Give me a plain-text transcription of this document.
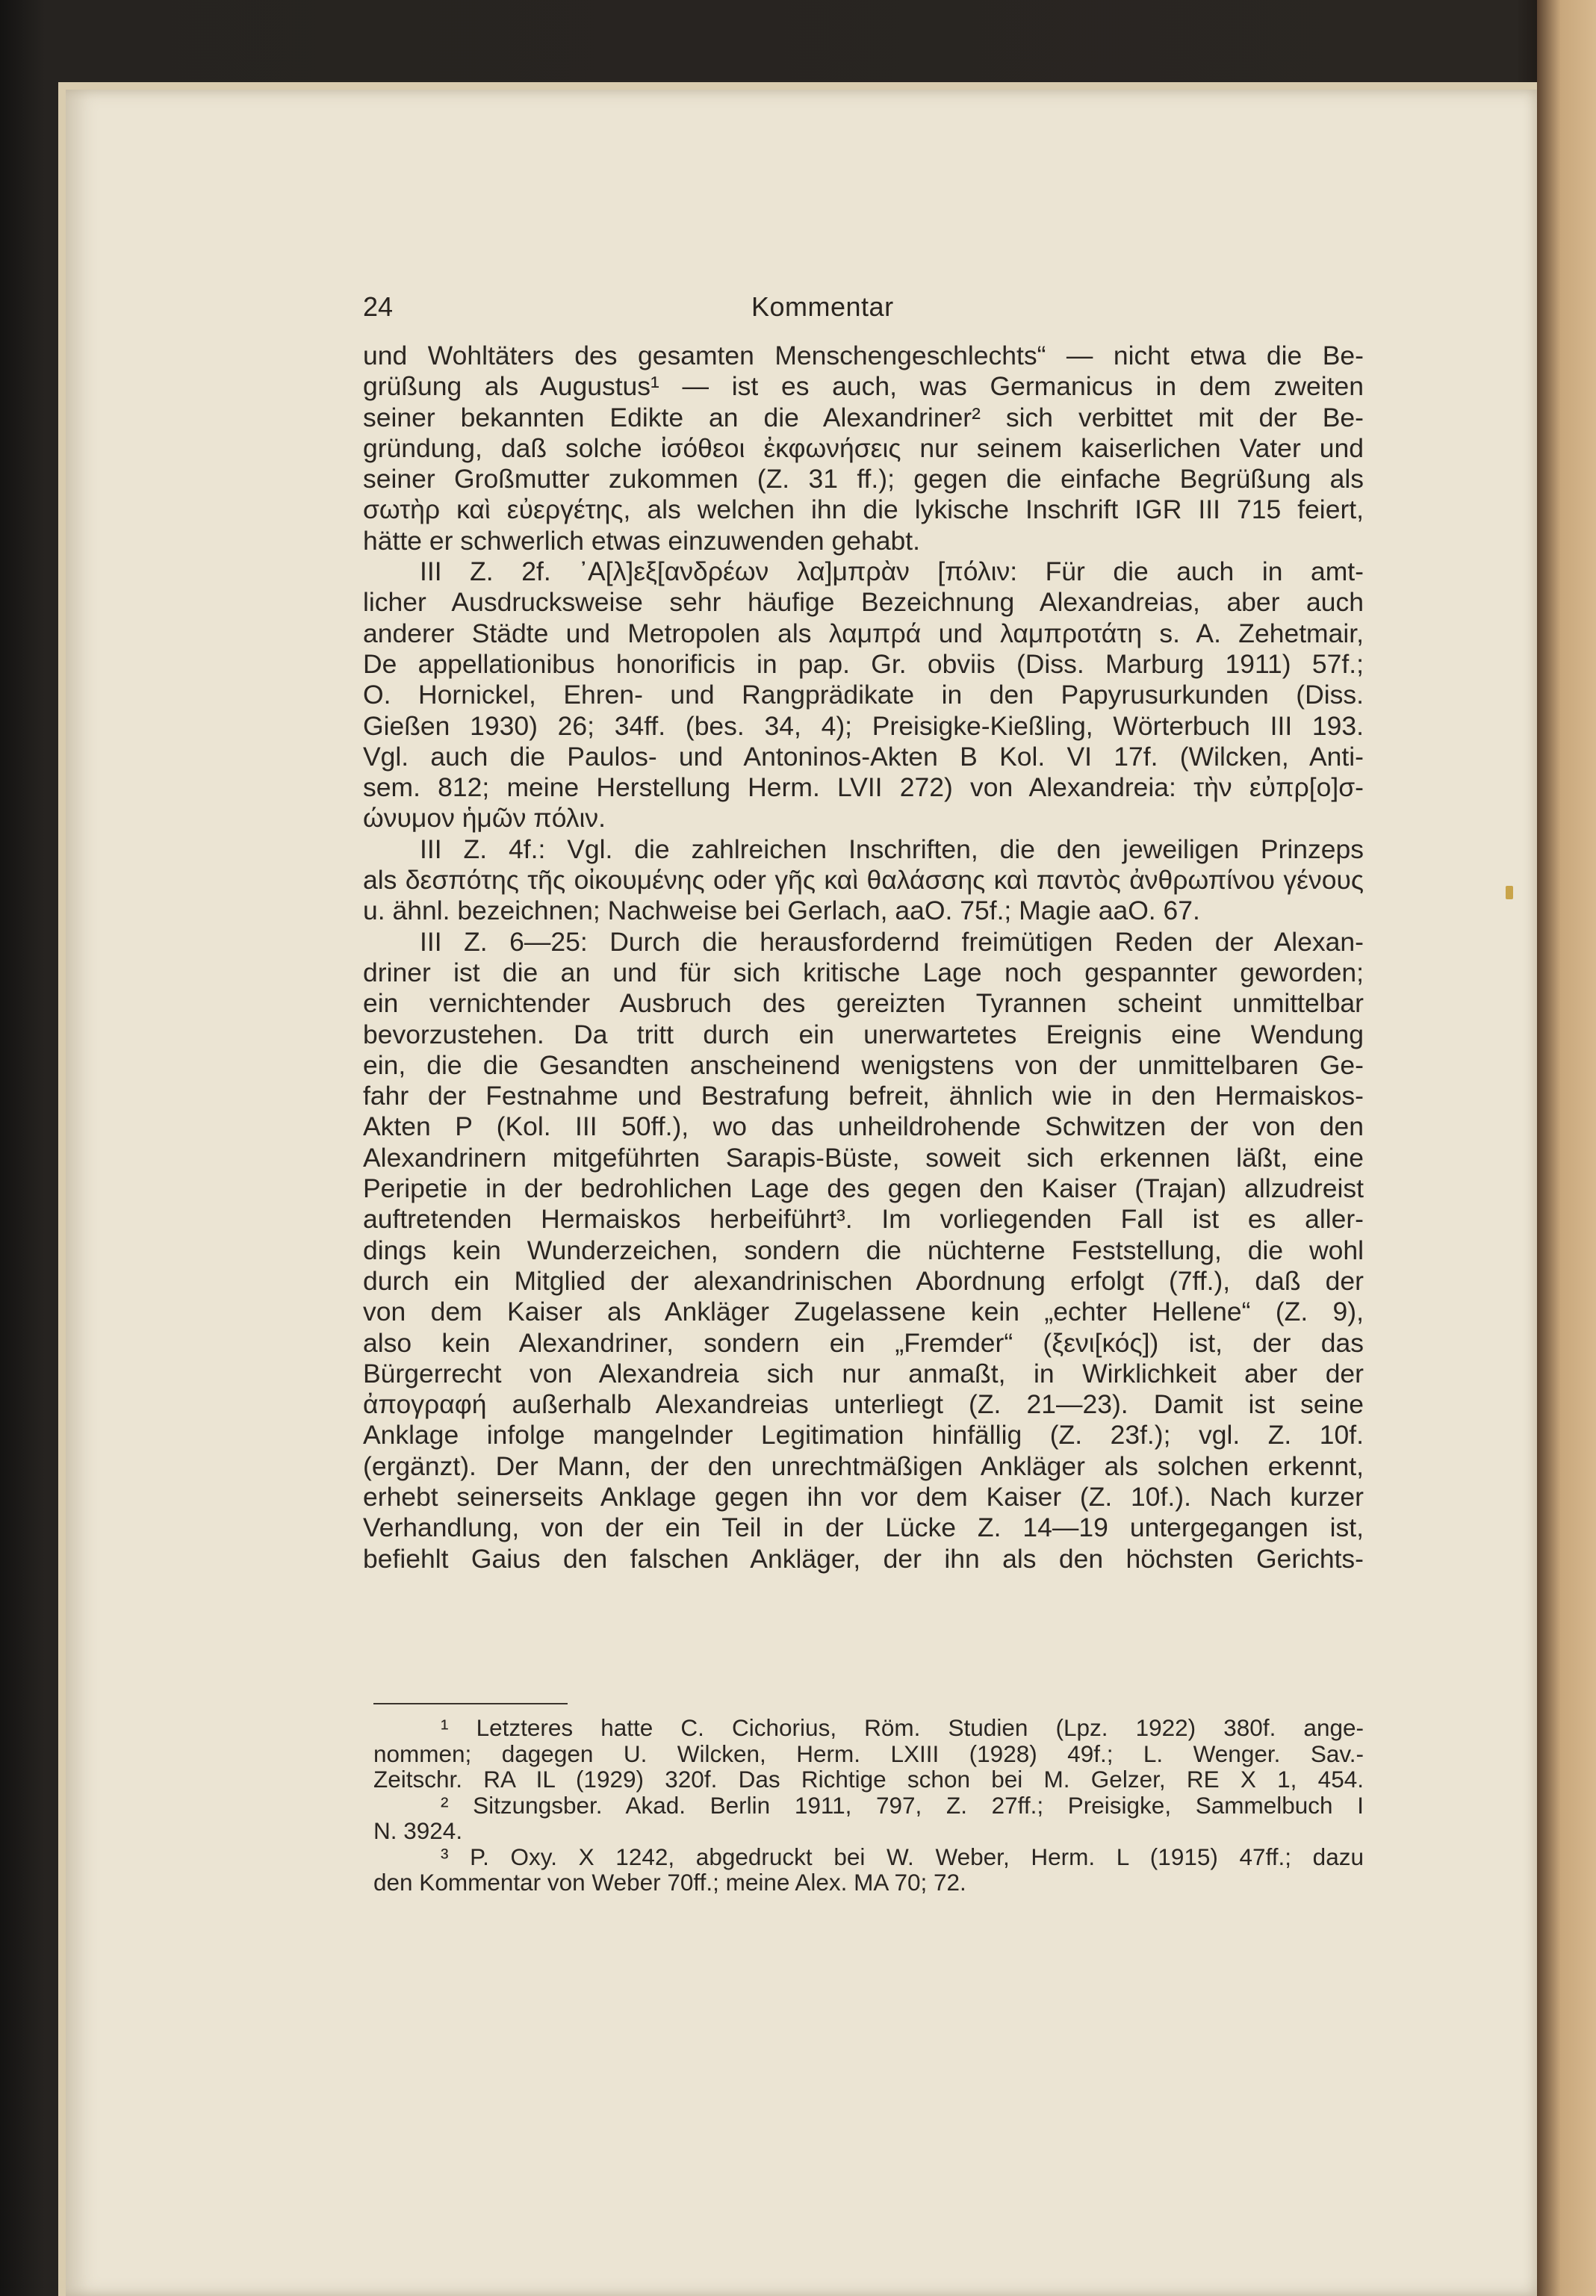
24	Kommentar
und Wohltäters des gesamten Menschengeschlechts“ — nicht etwa die Be-
grüßung als Augustus¹ — ist es auch, was Germanicus in dem zweiten
seiner bekannten Edikte an die Alexandriner² sich verbittet mit der Be-
gründung, daß solche ἰσόθεοι ἐκφωνήσεις nur seinem kaiserlichen Vater und
seiner Großmutter zukommen (Z. 31 ff.); gegen die einfache Begrüßung als
σωτὴρ καὶ εὐεργέτης, als welchen ihn die lykische Inschrift IGR III 715 feiert,
hätte er schwerlich etwas einzuwenden gehabt.
III Z. 2f. ᾿Α[λ]εξ[ανδρέων λα]μπρὰν [πόλιν: Für die auch in amt-
licher Ausdrucksweise sehr häufige Bezeichnung Alexandreias, aber auch
anderer Städte und Metropolen als λαμπρά und λαμπροτάτη s. A. Zehetmair,
De appellationibus honorificis in pap. Gr. obviis (Diss. Marburg 1911) 57f.;
O. Hornickel, Ehren- und Rangprädikate in den Papyrusurkunden (Diss.
Gießen 1930) 26; 34ff. (bes. 34, 4); Preisigke-Kießling, Wörterbuch III 193.
Vgl. auch die Paulos- und Antoninos-Akten B Kol. VI 17f. (Wilcken, Anti-
sem. 812; meine Herstellung Herm. LVII 272) von Alexandreia: τὴν εὐπρ[ο]σ-
ώνυμον ἡμῶν πόλιν.
III Z. 4f.: Vgl. die zahlreichen Inschriften, die den jeweiligen Prinzeps
als δεσπότης τῆς οἰκουμένης oder γῆς καὶ θαλάσσης καὶ παντὸς ἀνθρωπίνου γένους
u. ähnl. bezeichnen; Nachweise bei Gerlach, aaO. 75f.; Magie aaO. 67.
III Z. 6—25: Durch die herausfordernd freimütigen Reden der Alexan-
driner ist die an und für sich kritische Lage noch gespannter geworden;
ein vernichtender Ausbruch des gereizten Tyrannen scheint unmittelbar
bevorzustehen. Da tritt durch ein unerwartetes Ereignis eine Wendung
ein, die die Gesandten anscheinend wenigstens von der unmittelbaren Ge-
fahr der Festnahme und Bestrafung befreit, ähnlich wie in den Hermaiskos-
Akten P (Kol. III 50ff.), wo das unheildrohende Schwitzen der von den
Alexandrinern mitgeführten Sarapis-Büste, soweit sich erkennen läßt, eine
Peripetie in der bedrohlichen Lage des gegen den Kaiser (Trajan) allzudreist
auftretenden Hermaiskos herbeiführt³. Im vorliegenden Fall ist es aller-
dings kein Wunderzeichen, sondern die nüchterne Feststellung, die wohl
durch ein Mitglied der alexandrinischen Abordnung erfolgt (7ff.), daß der
von dem Kaiser als Ankläger Zugelassene kein „echter Hellene“ (Z. 9),
also kein Alexandriner, sondern ein „Fremder“ (ξενι[κός]) ist, der das
Bürgerrecht von Alexandreia sich nur anmaßt, in Wirklichkeit aber der
ἀπογραφή außerhalb Alexandreias unterliegt (Z. 21—23). Damit ist seine
Anklage infolge mangelnder Legitimation hinfällig (Z. 23f.); vgl. Z. 10f.
(ergänzt). Der Mann, der den unrechtmäßigen Ankläger als solchen erkennt,
erhebt seinerseits Anklage gegen ihn vor dem Kaiser (Z. 10f.). Nach kurzer
Verhandlung, von der ein Teil in der Lücke Z. 14—19 untergegangen ist,
befiehlt Gaius den falschen Ankläger, der ihn als den höchsten Gerichts-
¹ Letzteres hatte C. Cichorius, Röm. Studien (Lpz. 1922) 380f. ange-
nommen; dagegen U. Wilcken, Herm. LXIII (1928) 49f.; L. Wenger. Sav.-
Zeitschr. RA IL (1929) 320f. Das Richtige schon bei M. Gelzer, RE X 1, 454.
² Sitzungsber. Akad. Berlin 1911, 797, Z. 27ff.; Preisigke, Sammelbuch I
N. 3924.
³ P. Oxy. X 1242, abgedruckt bei W. Weber, Herm. L (1915) 47ff.; dazu
den Kommentar von Weber 70ff.; meine Alex. MA 70; 72.
